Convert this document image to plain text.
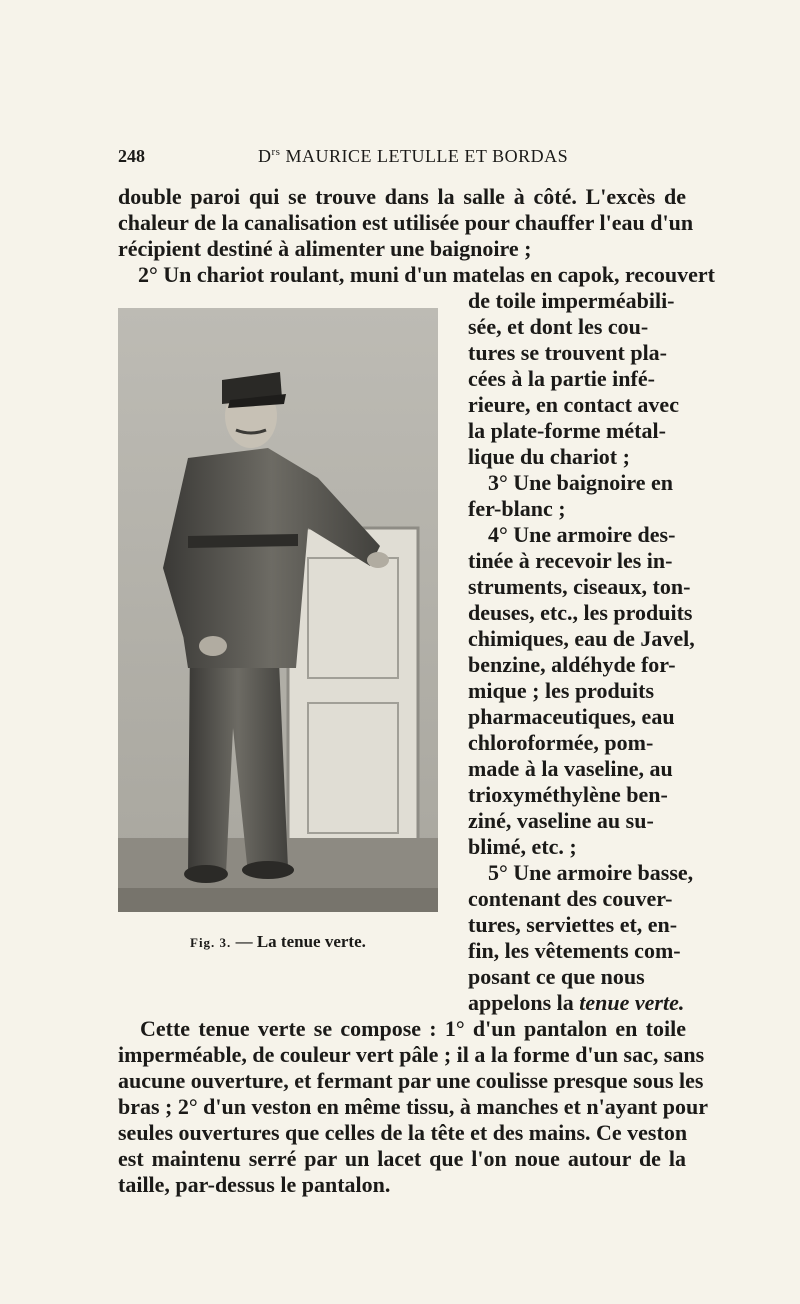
248	$D^{rs}$ MAURICE LETULLE ET BORDAS
double paroi qui se trouve dans la salle à côté. L'excès de
chaleur de la canalisation est utilisée pour chauffer l'eau d'un
récipient destiné à alimenter une baignoire ;
2° Un chariot roulant, muni d'un matelas en capok, recouvert
de toile imperméabili-
sée, et dont les cou-
tures se trouvent pla-
cées à la partie infé-
rieure, en contact avec
la plate-forme métal-
lique du chariot ;
3° Une baignoire en
fer-blanc ;
4° Une armoire des-
tinée à recevoir les in-
struments, ciseaux, ton-
deuses, etc., les produits
chimiques, eau de Javel,
benzine, aldéhyde for-
mique ; les produits
pharmaceutiques, eau
chloroformée, pom-
made à la vaseline, au
trioxyméthylène ben-
ziné, vaseline au su-
blimé, etc. ;
5° Une armoire basse,
contenant des couver-
tures, serviettes et, en-
fin, les vêtements com-
posant ce que nous
appelons la tenue verte.
Fig. 3. — La tenue verte.
Cette tenue verte se compose : 1° d'un pantalon en toile
imperméable, de couleur vert pâle ; il a la forme d'un sac, sans
aucune ouverture, et fermant par une coulisse presque sous les
bras ; 2° d'un veston en même tissu, à manches et n'ayant pour
seules ouvertures que celles de la tête et des mains. Ce veston
est maintenu serré par un lacet que l'on noue autour de la
taille, par-dessus le pantalon.
